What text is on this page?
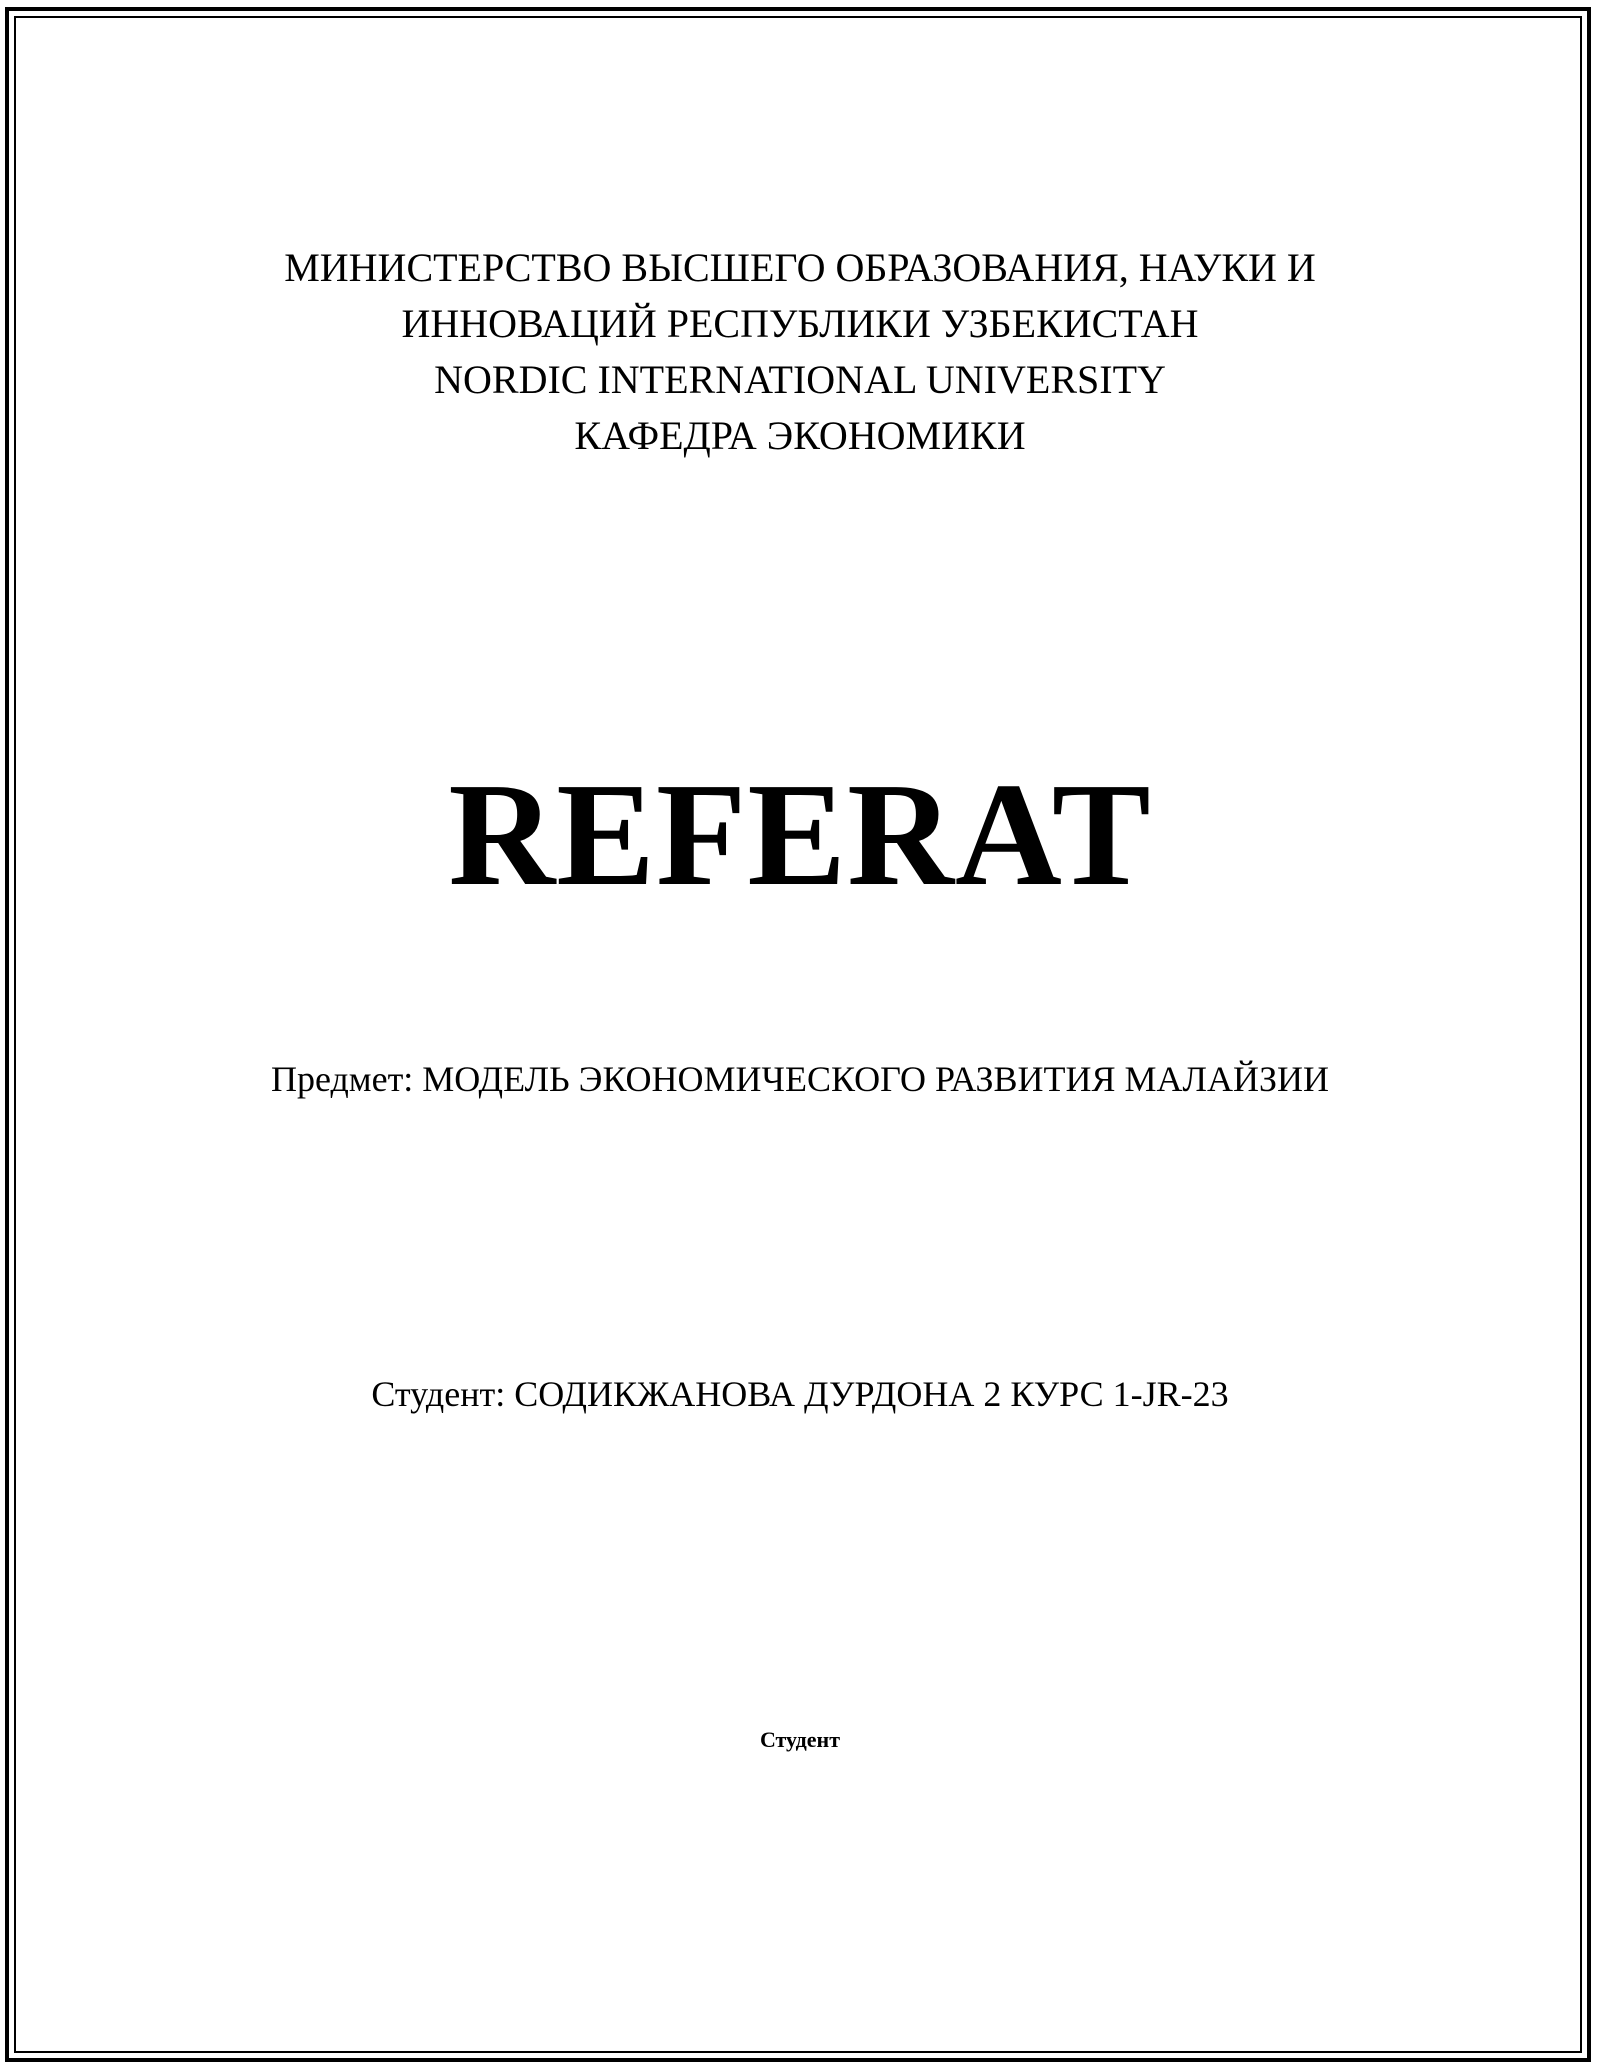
МИНИСТЕРСТВО ВЫСШЕГО ОБРАЗОВАНИЯ, НАУКИ И
ИННОВАЦИЙ РЕСПУБЛИКИ УЗБЕКИСТАН
NORDIC INTERNATIONAL UNIVERSITY
КАФЕДРА ЭКОНОМИКИ
REFERAT
Предмет: МОДЕЛЬ ЭКОНОМИЧЕСКОГО РАЗВИТИЯ МАЛАЙЗИИ
Студент: СОДИКЖАНОВА ДУРДОНА 2 КУРС 1-JR-23
Студент
